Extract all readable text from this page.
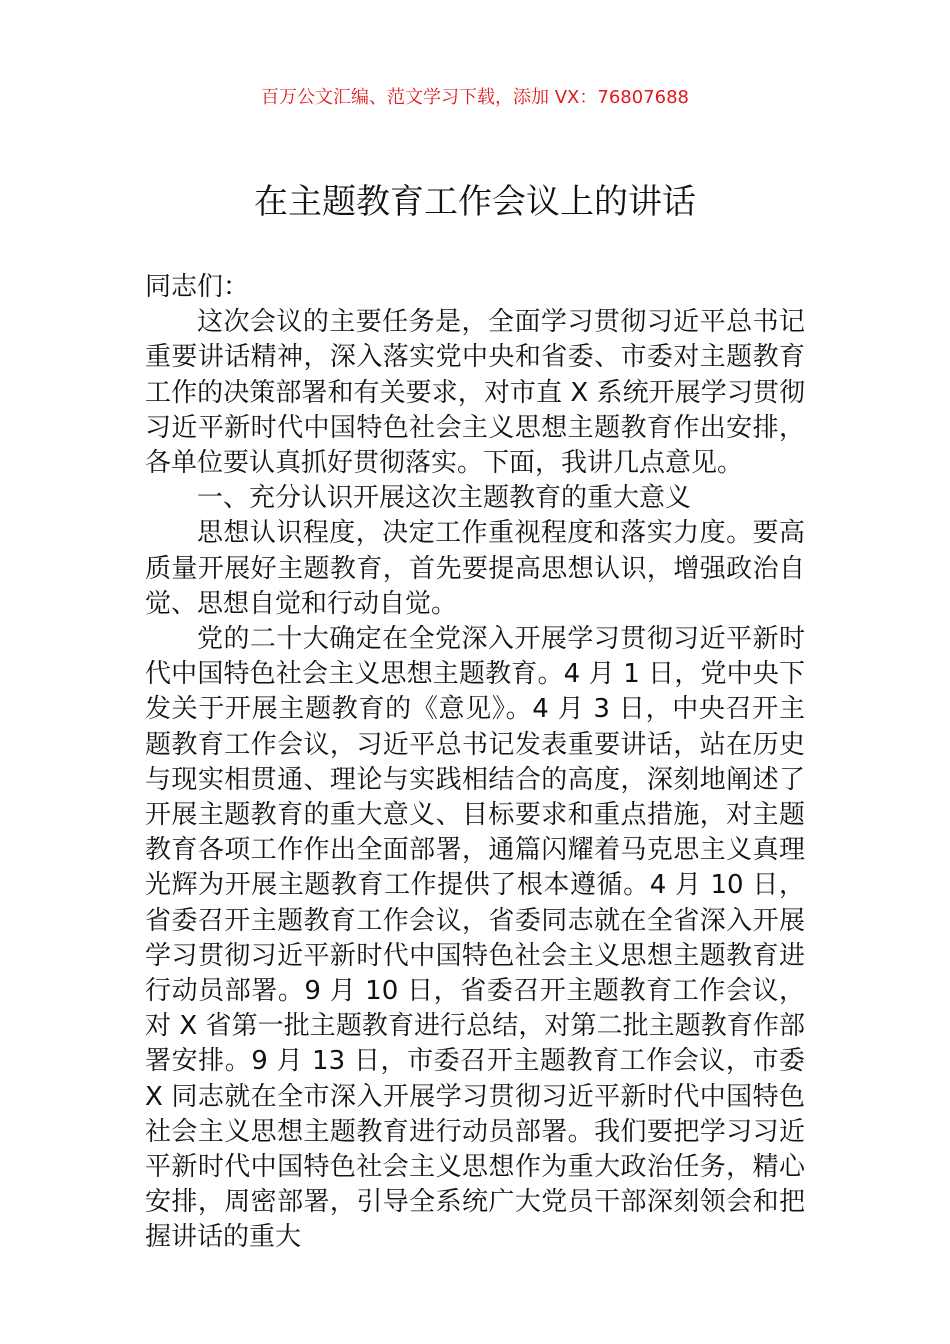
百万公文汇编、范文学习下载，添加 VX：76807688
在主题教育工作会议上的讲话

同志们：

这次会议的主要任务是，全面学习贯彻习近平总书记重要讲话精神，深入落实党中央和省委、市委对主题教育工作的决策部署和有关要求，对市直 X 系统开展学习贯彻习近平新时代中国特色社会主义思想主题教育作出安排，各单位要认真抓好贯彻落实。下面，我讲几点意见。

一、充分认识开展这次主题教育的重大意义

思想认识程度，决定工作重视程度和落实力度。要高质量开展好主题教育，首先要提高思想认识，增强政治自觉、思想自觉和行动自觉。

党的二十大确定在全党深入开展学习贯彻习近平新时代中国特色社会主义思想主题教育。4 月 1 日，党中央下发关于开展主题教育的《意见》。4 月 3 日，中央召开主题教育工作会议，习近平总书记发表重要讲话，站在历史与现实相贯通、理论与实践相结合的高度，深刻地阐述了开展主题教育的重大意义、目标要求和重点措施，对主题教育各项工作作出全面部署，通篇闪耀着马克思主义真理光辉为开展主题教育工作提供了根本遵循。4 月 10 日，省委召开主题教育工作会议，省委同志就在全省深入开展学习贯彻习近平新时代中国特色社会主义思想主题教育进行动员部署。9 月 10 日，省委召开主题教育工作会议，对 X 省第一批主题教育进行总结，对第二批主题教育作部署安排。9 月 13 日，市委召开主题教育工作会议，市委 X 同志就在全市深入开展学习贯彻习近平新时代中国特色社会主义思想主题教育进行动员部署。我们要把学习习近平新时代中国特色社会主义思想作为重大政治任务，精心安排，周密部署，引导全系统广大党员干部深刻领会和把握讲话的重大
